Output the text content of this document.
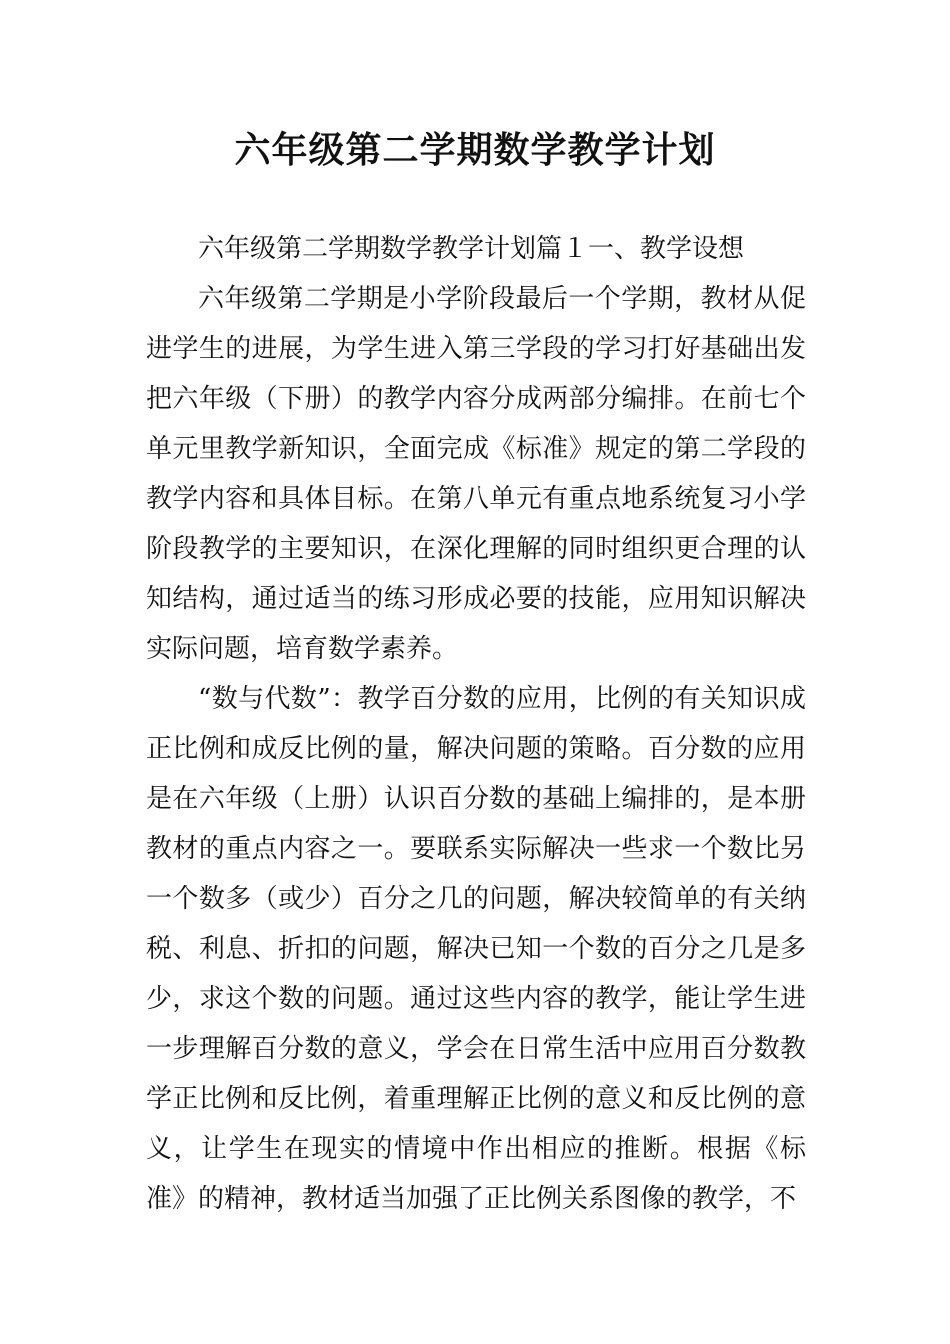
六年级第二学期数学教学计划

六年级第二学期数学教学计划篇１一、教学设想

六年级第二学期是小学阶段最后一个学期，教材从促进学生的进展，为学生进入第三学段的学习打好基础出发把六年级（下册）的教学内容分成两部分编排。在前七个单元里教学新知识，全面完成《标准》规定的第二学段的教学内容和具体目标。在第八单元有重点地系统复习小学阶段教学的主要知识，在深化理解的同时组织更合理的认知结构，通过适当的练习形成必要的技能，应用知识解决实际问题，培育数学素养。

“数与代数”：教学百分数的应用，比例的有关知识成正比例和成反比例的量，解决问题的策略。百分数的应用是在六年级（上册）认识百分数的基础上编排的，是本册教材的重点内容之一。要联系实际解决一些求一个数比另一个数多（或少）百分之几的问题，解决较简单的有关纳税、利息、折扣的问题，解决已知一个数的百分之几是多少，求这个数的问题。通过这些内容的教学，能让学生进一步理解百分数的意义，学会在日常生活中应用百分数教学正比例和反比例，着重理解正比例的意义和反比例的意义，让学生在现实的情境中作出相应的推断。根据《标准》的精神，教材适当加强了正比例关系图像的教学，不
